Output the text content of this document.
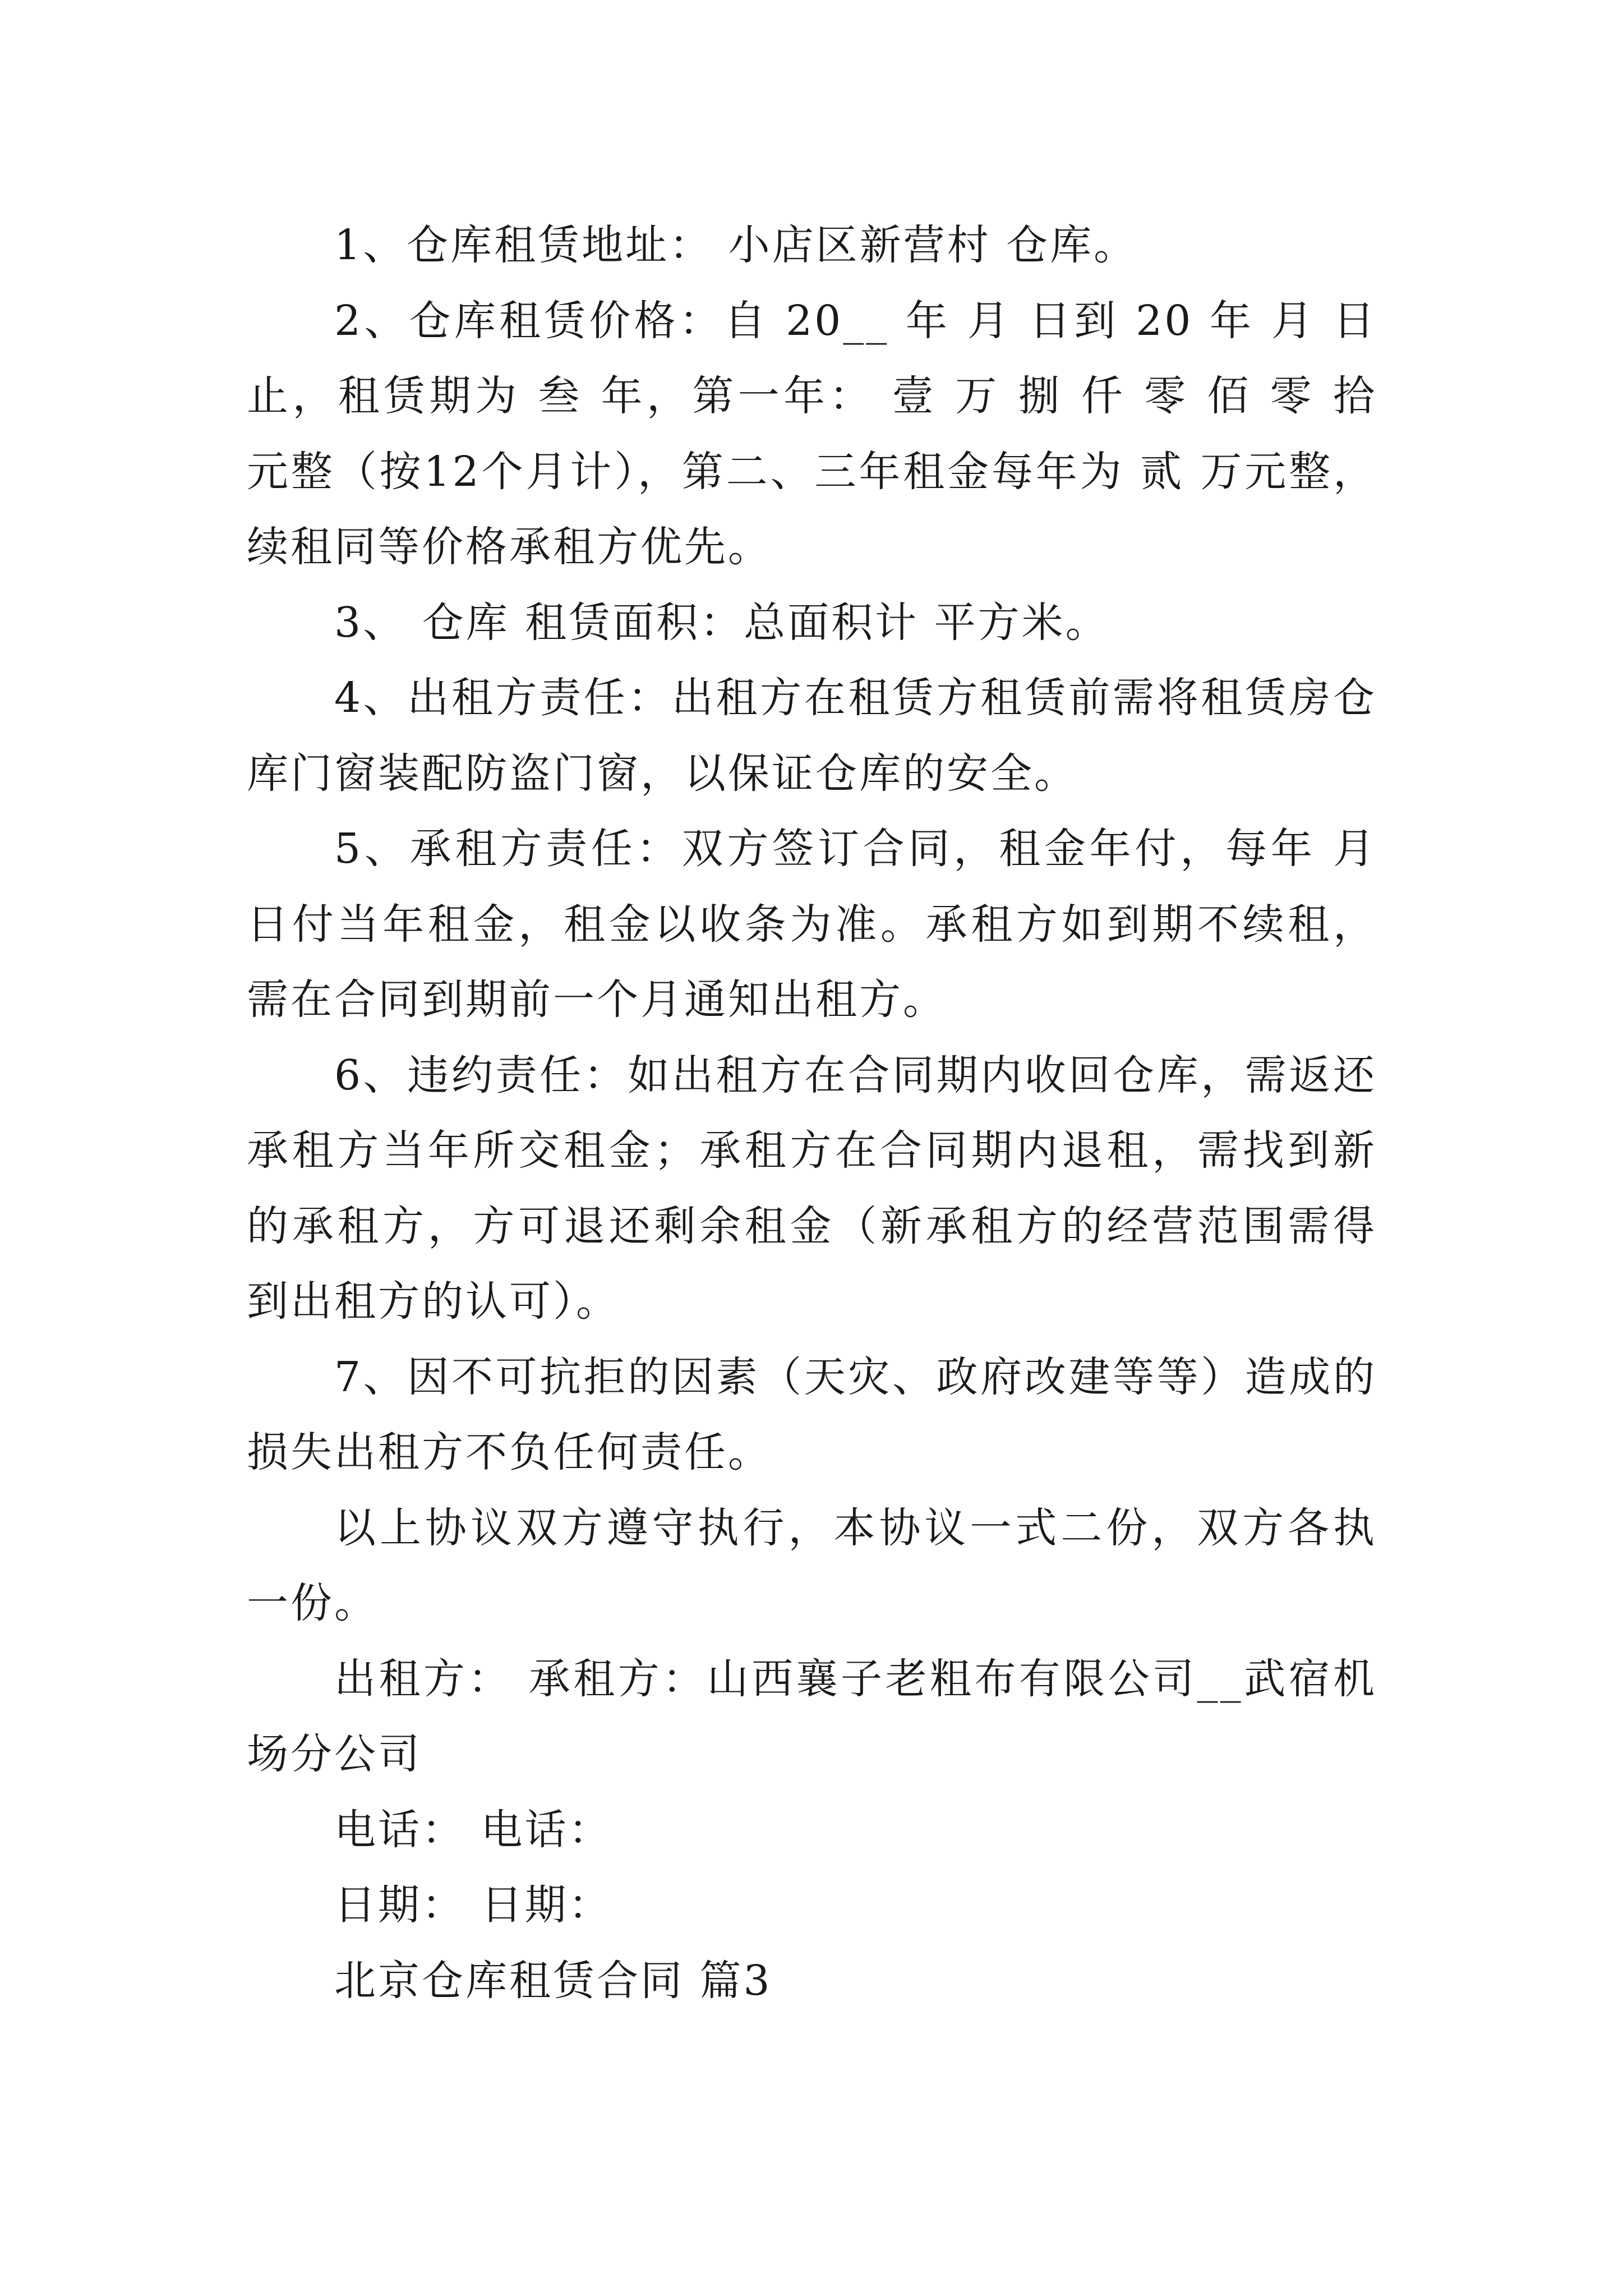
1、仓库租赁地址： 小店区新营村 仓库。

2、仓库租赁价格：自 20__ 年 月 日到 20 年 月 日止，租赁期为 叁 年，第一年： 壹 万 捌 仟 零 佰 零 拾 元整（按12个月计），第二、三年租金每年为 贰 万元整，续租同等价格承租方优先。

3、 仓库 租赁面积：总面积计 平方米。

4、出租方责任：出租方在租赁方租赁前需将租赁房仓库门窗装配防盗门窗，以保证仓库的安全。

5、承租方责任：双方签订合同，租金年付，每年 月日付当年租金，租金以收条为准。承租方如到期不续租，需在合同到期前一个月通知出租方。

6、违约责任：如出租方在合同期内收回仓库，需返还承租方当年所交租金；承租方在合同期内退租，需找到新的承租方，方可退还剩余租金（新承租方的经营范围需得到出租方的认可）。

7、因不可抗拒的因素（天灾、政府改建等等）造成的损失出租方不负任何责任。

以上协议双方遵守执行，本协议一式二份，双方各执一份。

出租方： 承租方：山西襄子老粗布有限公司__武宿机场分公司

电话： 电话：

日期： 日期：

北京仓库租赁合同 篇3
